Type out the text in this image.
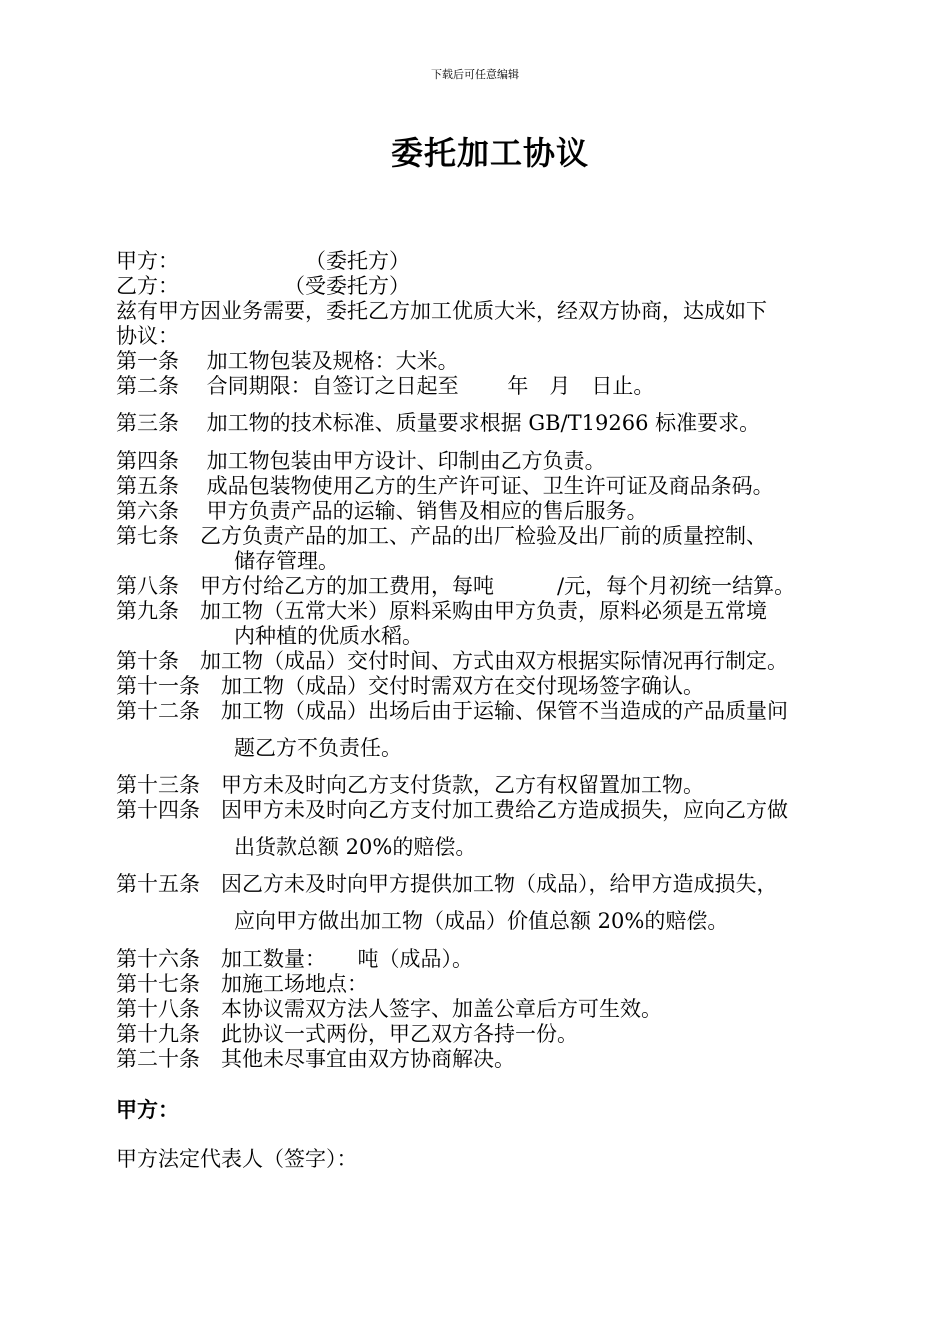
下载后可任意编辑
委托加工协议
甲方：　　　　　　　（委托方）
乙方：　　　　　　（受委托方）
兹有甲方因业务需要，委托乙方加工优质大米，经双方协商，达成如下
协议：
第一条　 加工物包装及规格：大米。
第二条　 合同期限：自签订之日起至　　 年　月　日止。
第三条　 加工物的技术标准、质量要求根据 GB/T19266 标准要求。
第四条　 加工物包装由甲方设计、印制由乙方负责。
第五条　 成品包装物使用乙方的生产许可证、卫生许可证及商品条码。
第六条　 甲方负责产品的运输、销售及相应的售后服务。
第七条　乙方负责产品的加工、产品的出厂检验及出厂前的质量控制、
储存管理。
第八条　甲方付给乙方的加工费用，每吨　　　/元，每个月初统一结算。
第九条　加工物（五常大米）原料采购由甲方负责，原料必须是五常境
内种植的优质水稻。
第十条　加工物（成品）交付时间、方式由双方根据实际情况再行制定。
第十一条　加工物（成品）交付时需双方在交付现场签字确认。
第十二条　加工物（成品）出场后由于运输、保管不当造成的产品质量问
题乙方不负责任。
第十三条　甲方未及时向乙方支付货款，乙方有权留置加工物。
第十四条　因甲方未及时向乙方支付加工费给乙方造成损失，应向乙方做
出货款总额 20%的赔偿。
第十五条　因乙方未及时向甲方提供加工物（成品），给甲方造成损失，
应向甲方做出加工物（成品）价值总额 20%的赔偿。
第十六条　加工数量：　　吨（成品）。
第十七条　加施工场地点：
第十八条　本协议需双方法人签字、加盖公章后方可生效。
第十九条　此协议一式两份，甲乙双方各持一份。
第二十条　其他未尽事宜由双方协商解决。
甲方：
甲方法定代表人（签字）：
